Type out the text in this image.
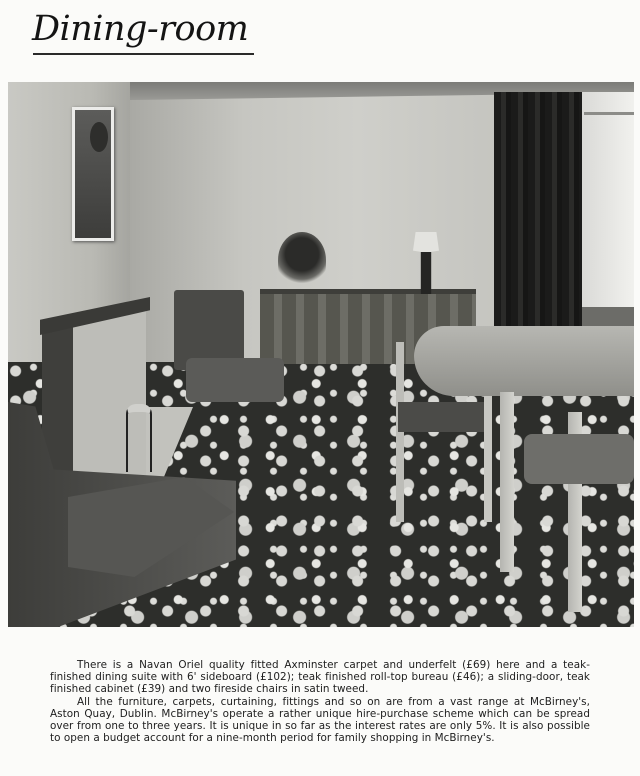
Dining-room

There is a Navan Oriel quality fitted Axminster carpet and underfelt (£69) here and a teak-finished dining suite with 6' sideboard (£102); teak finished roll-top bureau (£46); a sliding-door, teak finished cabinet (£39) and two fireside chairs in satin tweed.

All the furniture, carpets, curtaining, fittings and so on are from a vast range at McBirney's, Aston Quay, Dublin. McBirney's operate a rather unique hire-purchase scheme which can be spread over from one to three years. It is unique in so far as the interest rates are only 5%. It is also possible to open a budget account for a nine-month period for family shopping in McBirney's.
